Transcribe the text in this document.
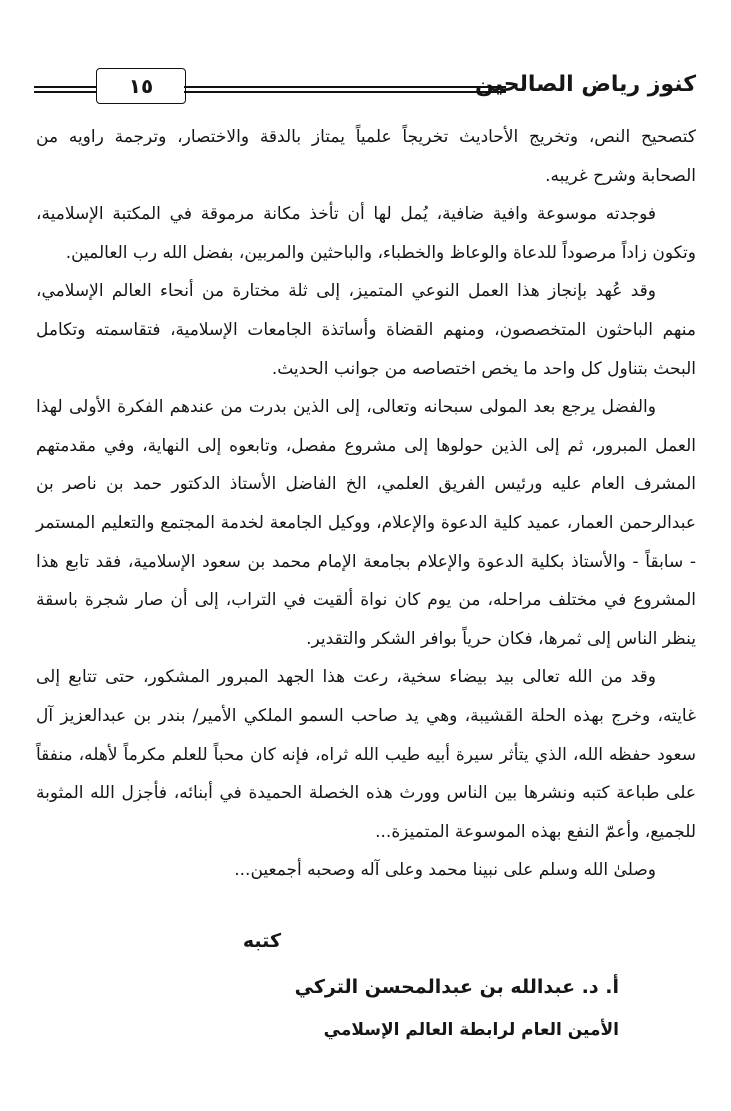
كنوز رياض الصالحين
١٥

كتصحيح النص، وتخريج الأحاديث تخريجاً علمياً يمتاز بالدقة والاختصار، وترجمة راويه من الصحابة وشرح غريبه.

فوجدته موسوعة وافية ضافية، يُمل لها أن تأخذ مكانة مرموقة في المكتبة الإسلامية، وتكون زاداً مرصوداً للدعاة والوعاظ والخطباء، والباحثين والمربين، بفضل الله رب العالمين.

وقد عُهد بإنجاز هذا العمل النوعي المتميز، إلى ثلة مختارة من أنحاء العالم الإسلامي، منهم الباحثون المتخصصون، ومنهم القضاة وأساتذة الجامعات الإسلامية، فتقاسمته وتكامل البحث بتناول كل واحد ما يخص اختصاصه من جوانب الحديث.

والفضل يرجع بعد المولى سبحانه وتعالى، إلى الذين بدرت من عندهم الفكرة الأولى لهذا العمل المبرور، ثم إلى الذين حولوها إلى مشروع مفصل، وتابعوه إلى النهاية، وفي مقدمتهم المشرف العام عليه ورئيس الفريق العلمي، الخ الفاضل الأستاذ الدكتور حمد بن ناصر بن عبدالرحمن العمار، عميد كلية الدعوة والإعلام، ووكيل الجامعة لخدمة المجتمع والتعليم المستمر - سابقاً - والأستاذ بكلية الدعوة والإعلام بجامعة الإمام محمد بن سعود الإسلامية، فقد تابع هذا المشروع في مختلف مراحله، من يوم كان نواة ألقيت في التراب، إلى أن صار شجرة باسقة ينظر الناس إلى ثمرها، فكان حرياً بوافر الشكر والتقدير.

وقد من الله تعالى بيد بيضاء سخية، رعت هذا الجهد المبرور المشكور، حتى تتابع إلى غايته، وخرج بهذه الحلة القشيبة، وهي يد صاحب السمو الملكي الأمير/ بندر بن عبدالعزيز آل سعود حفظه الله، الذي يتأثر سيرة أبيه طيب الله ثراه، فإنه كان محباً للعلم مكرماً لأهله، منفقاً على طباعة كتبه ونشرها بين الناس وورث هذه الخصلة الحميدة في أبنائه، فأجزل الله المثوبة للجميع، وأعمّ النفع بهذه الموسوعة المتميزة...

وصلىٰ الله وسلم على نبينا محمد وعلى آله وصحبه أجمعين...

كتبه
أ. د. عبدالله بن عبدالمحسن التركي
الأمين العام لرابطة العالم الإسلامي
